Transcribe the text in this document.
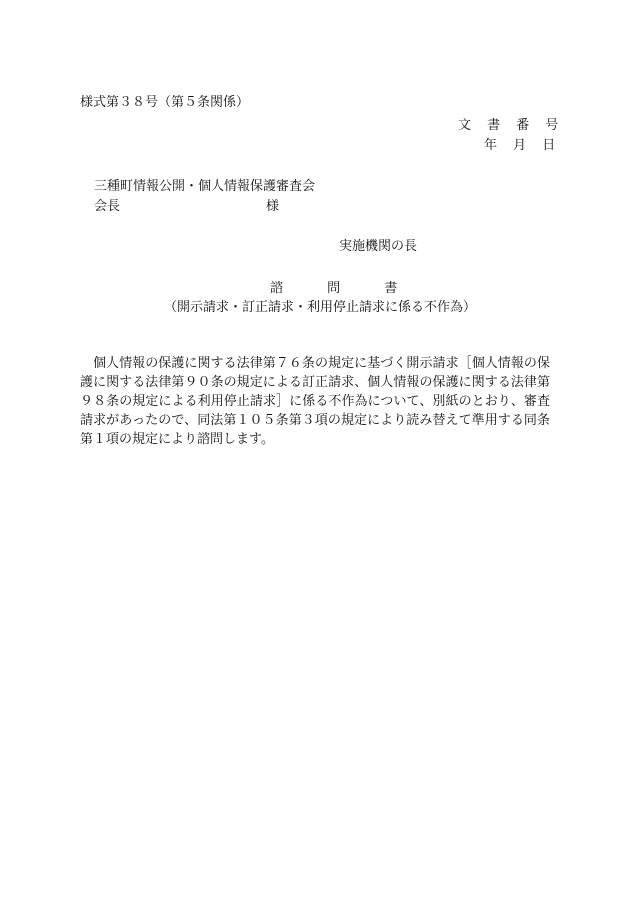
様式第３８号（第５条関係）
文 書 番 号
年 月 日
三種町情報公開・個人情報保護審査会
会長	様
実施機関の長
諮 問 書
（開示請求・訂正請求・利用停止請求に係る不作為）
個人情報の保護に関する法律第７６条の規定に基づく開示請求［個人情報の保護に関する法律第９０条の規定による訂正請求、個人情報の保護に関する法律第９８条の規定による利用停止請求］に係る不作為について、別紙のとおり、審査請求があったので、同法第１０５条第３項の規定により読み替えて準用する同条第１項の規定により諮問します。
